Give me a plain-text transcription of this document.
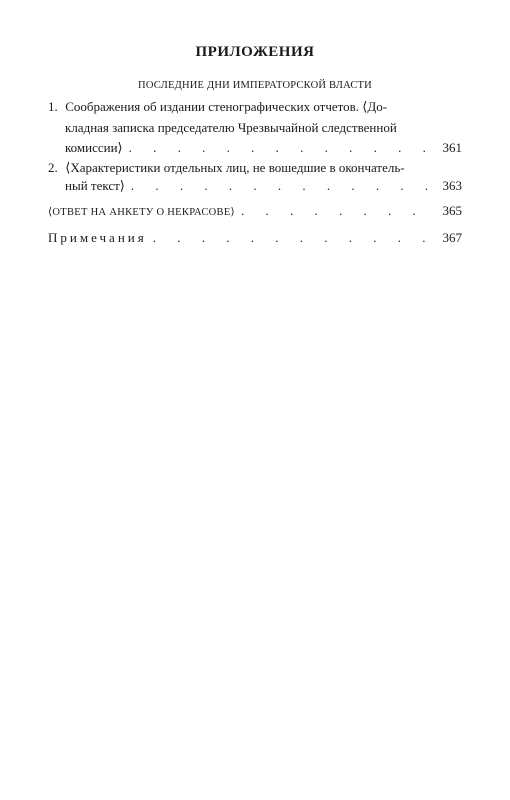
ПРИЛОЖЕНИЯ
ПОСЛЕДНИЕ ДНИ ИМПЕРАТОРСКОЙ ВЛАСТИ
1. Соображения об издании стенографических отчетов. ⟨До-
кладная записка председателю Чрезвычайной следственной
комиссии⟩ . . .	361
2. ⟨Характеристики отдельных лиц, не вошедшие в окончатель-
ный текст⟩ . . .	363
⟨ОТВЕТ НА АНКЕТУ О НЕКРАСОВЕ⟩ . . .	365
Примечания . . .	367
